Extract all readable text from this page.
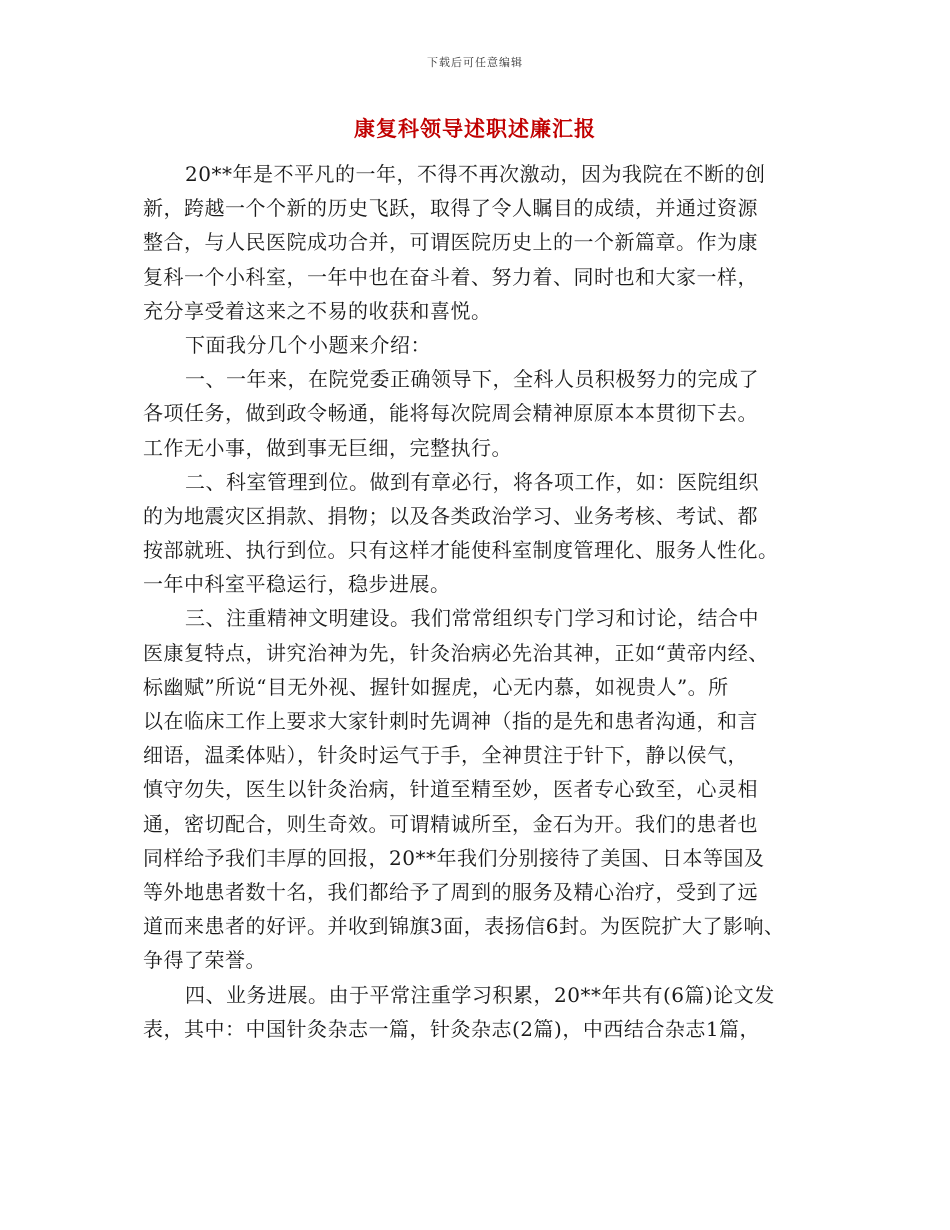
下载后可任意编辑
康复科领导述职述廉汇报
20**年是不平凡的一年，不得不再次激动，因为我院在不断的创
新，跨越一个个新的历史飞跃，取得了令人瞩目的成绩，并通过资源
整合，与人民医院成功合并，可谓医院历史上的一个新篇章。作为康
复科一个小科室，一年中也在奋斗着、努力着、同时也和大家一样，
充分享受着这来之不易的收获和喜悦。
下面我分几个小题来介绍：
一、一年来，在院党委正确领导下，全科人员积极努力的完成了
各项任务，做到政令畅通，能将每次院周会精神原原本本贯彻下去。
工作无小事，做到事无巨细，完整执行。
二、科室管理到位。做到有章必行，将各项工作，如：医院组织
的为地震灾区捐款、捐物；以及各类政治学习、业务考核、考试、都
按部就班、执行到位。只有这样才能使科室制度管理化、服务人性化。
一年中科室平稳运行，稳步进展。
三、注重精神文明建设。我们常常组织专门学习和讨论，结合中
医康复特点，讲究治神为先，针灸治病必先治其神，正如“黄帝内经、
标幽赋”所说“目无外视、握针如握虎，心无内慕，如视贵人”。所
以在临床工作上要求大家针刺时先调神（指的是先和患者沟通，和言
细语，温柔体贴），针灸时运气于手，全神贯注于针下，静以侯气，
慎守勿失，医生以针灸治病，针道至精至妙，医者专心致至，心灵相
通，密切配合，则生奇效。可谓精诚所至，金石为开。我们的患者也
同样给予我们丰厚的回报，20**年我们分别接待了美国、日本等国及
等外地患者数十名，我们都给予了周到的服务及精心治疗，受到了远
道而来患者的好评。并收到锦旗3面，表扬信6封。为医院扩大了影响、
争得了荣誉。
四、业务进展。由于平常注重学习积累，20**年共有(6篇)论文发
表，其中：中国针灸杂志一篇，针灸杂志(2篇)，中西结合杂志1篇，
